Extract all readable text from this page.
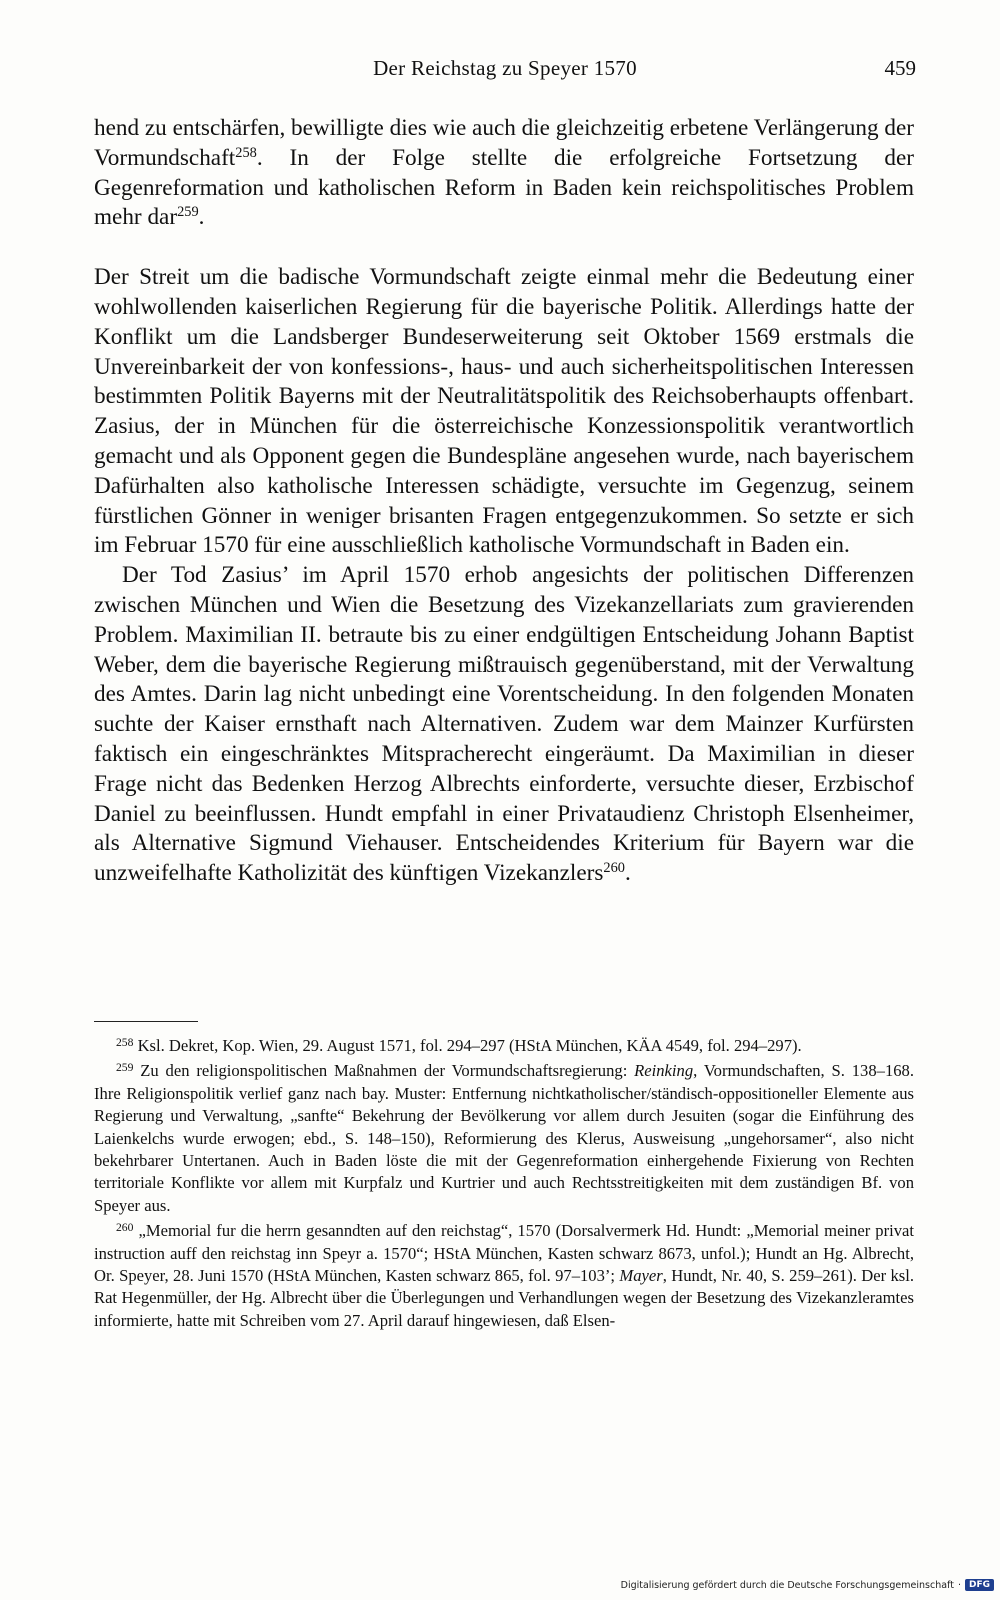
Der Reichstag zu Speyer 1570	459

hend zu entschärfen, bewilligte dies wie auch die gleichzeitig erbetene Verlängerung der Vormundschaft$^{258}$. In der Folge stellte die erfolgreiche Fortsetzung der Gegenreformation und katholischen Reform in Baden kein reichspolitisches Problem mehr dar$^{259}$.

Der Streit um die badische Vormundschaft zeigte einmal mehr die Bedeutung einer wohlwollenden kaiserlichen Regierung für die bayerische Politik. Allerdings hatte der Konflikt um die Landsberger Bundeserweiterung seit Oktober 1569 erstmals die Unvereinbarkeit der von konfessions-, haus- und auch sicherheitspolitischen Interessen bestimmten Politik Bayerns mit der Neutralitätspolitik des Reichsoberhaupts offenbart. Zasius, der in München für die österreichische Konzessionspolitik verantwortlich gemacht und als Opponent gegen die Bundespläne angesehen wurde, nach bayerischem Dafürhalten also katholische Interessen schädigte, versuchte im Gegenzug, seinem fürstlichen Gönner in weniger brisanten Fragen entgegenzukommen. So setzte er sich im Februar 1570 für eine ausschließlich katholische Vormundschaft in Baden ein.

Der Tod Zasius’ im April 1570 erhob angesichts der politischen Differenzen zwischen München und Wien die Besetzung des Vizekanzellariats zum gravierenden Problem. Maximilian II. betraute bis zu einer endgültigen Entscheidung Johann Baptist Weber, dem die bayerische Regierung mißtrauisch gegenüberstand, mit der Verwaltung des Amtes. Darin lag nicht unbedingt eine Vorentscheidung. In den folgenden Monaten suchte der Kaiser ernsthaft nach Alternativen. Zudem war dem Mainzer Kurfürsten faktisch ein eingeschränktes Mitspracherecht eingeräumt. Da Maximilian in dieser Frage nicht das Bedenken Herzog Albrechts einforderte, versuchte dieser, Erzbischof Daniel zu beeinflussen. Hundt empfahl in einer Privataudienz Christoph Elsenheimer, als Alternative Sigmund Viehauser. Entscheidendes Kriterium für Bayern war die unzweifelhafte Katholizität des künftigen Vizekanzlers$^{260}$.

$^{258}$ Ksl. Dekret, Kop. Wien, 29. August 1571, fol. 294–297 (HStA München, KÄA 4549, fol. 294–297).

$^{259}$ Zu den religionspolitischen Maßnahmen der Vormundschaftsregierung: Reinking, Vormundschaften, S. 138–168. Ihre Religionspolitik verlief ganz nach bay. Muster: Entfernung nichtkatholischer/ständisch-oppositioneller Elemente aus Regierung und Verwaltung, „sanfte“ Bekehrung der Bevölkerung vor allem durch Jesuiten (sogar die Einführung des Laienkelchs wurde erwogen; ebd., S. 148–150), Reformierung des Klerus, Ausweisung „ungehorsamer“, also nicht bekehrbarer Untertanen. Auch in Baden löste die mit der Gegenreformation einhergehende Fixierung von Rechten territoriale Konflikte vor allem mit Kurpfalz und Kurtrier und auch Rechtsstreitigkeiten mit dem zuständigen Bf. von Speyer aus.

$^{260}$ „Memorial fur die herrn gesanndten auf den reichstag“, 1570 (Dorsalvermerk Hd. Hundt: „Memorial meiner privat instruction auff den reichstag inn Speyr a. 1570“; HStA München, Kasten schwarz 8673, unfol.); Hundt an Hg. Albrecht, Or. Speyer, 28. Juni 1570 (HStA München, Kasten schwarz 865, fol. 97–103’; Mayer, Hundt, Nr. 40, S. 259–261). Der ksl. Rat Hegenmüller, der Hg. Albrecht über die Überlegungen und Verhandlungen wegen der Besetzung des Vizekanzleramtes informierte, hatte mit Schreiben vom 27. April darauf hingewiesen, daß Elsen-

Digitalisierung gefördert durch die Deutsche Forschungsgemeinschaft · DFG
